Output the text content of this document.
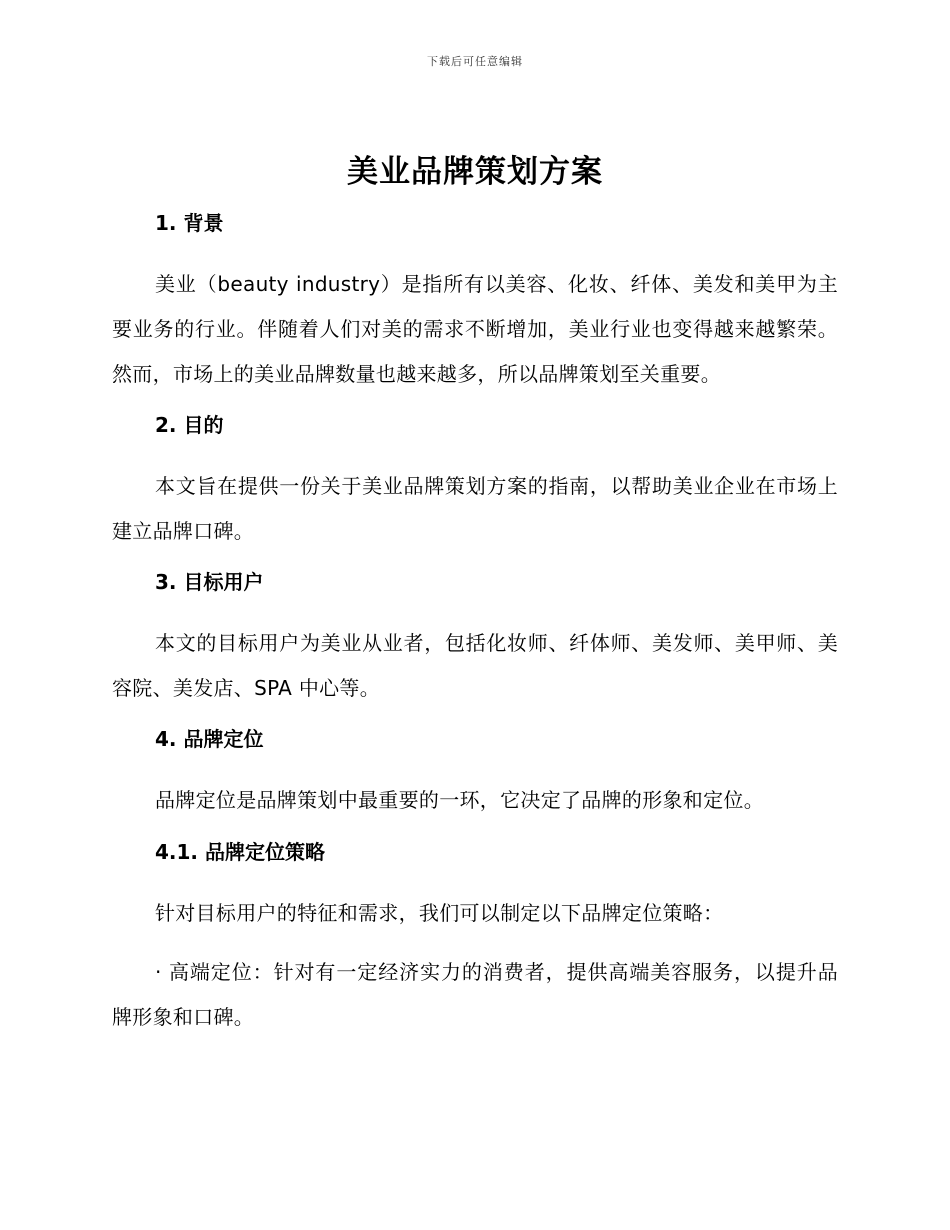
下载后可任意编辑
美业品牌策划方案
1. 背景

美业（beauty industry）是指所有以美容、化妆、纤体、美发和美甲为主要业务的行业。伴随着人们对美的需求不断增加，美业行业也变得越来越繁荣。然而，市场上的美业品牌数量也越来越多，所以品牌策划至关重要。

2. 目的

本文旨在提供一份关于美业品牌策划方案的指南，以帮助美业企业在市场上建立品牌口碑。

3. 目标用户

本文的目标用户为美业从业者，包括化妆师、纤体师、美发师、美甲师、美容院、美发店、SPA 中心等。

4. 品牌定位

品牌定位是品牌策划中最重要的一环，它决定了品牌的形象和定位。

4.1. 品牌定位策略

针对目标用户的特征和需求，我们可以制定以下品牌定位策略：

· 高端定位：针对有一定经济实力的消费者，提供高端美容服务，以提升品牌形象和口碑。
